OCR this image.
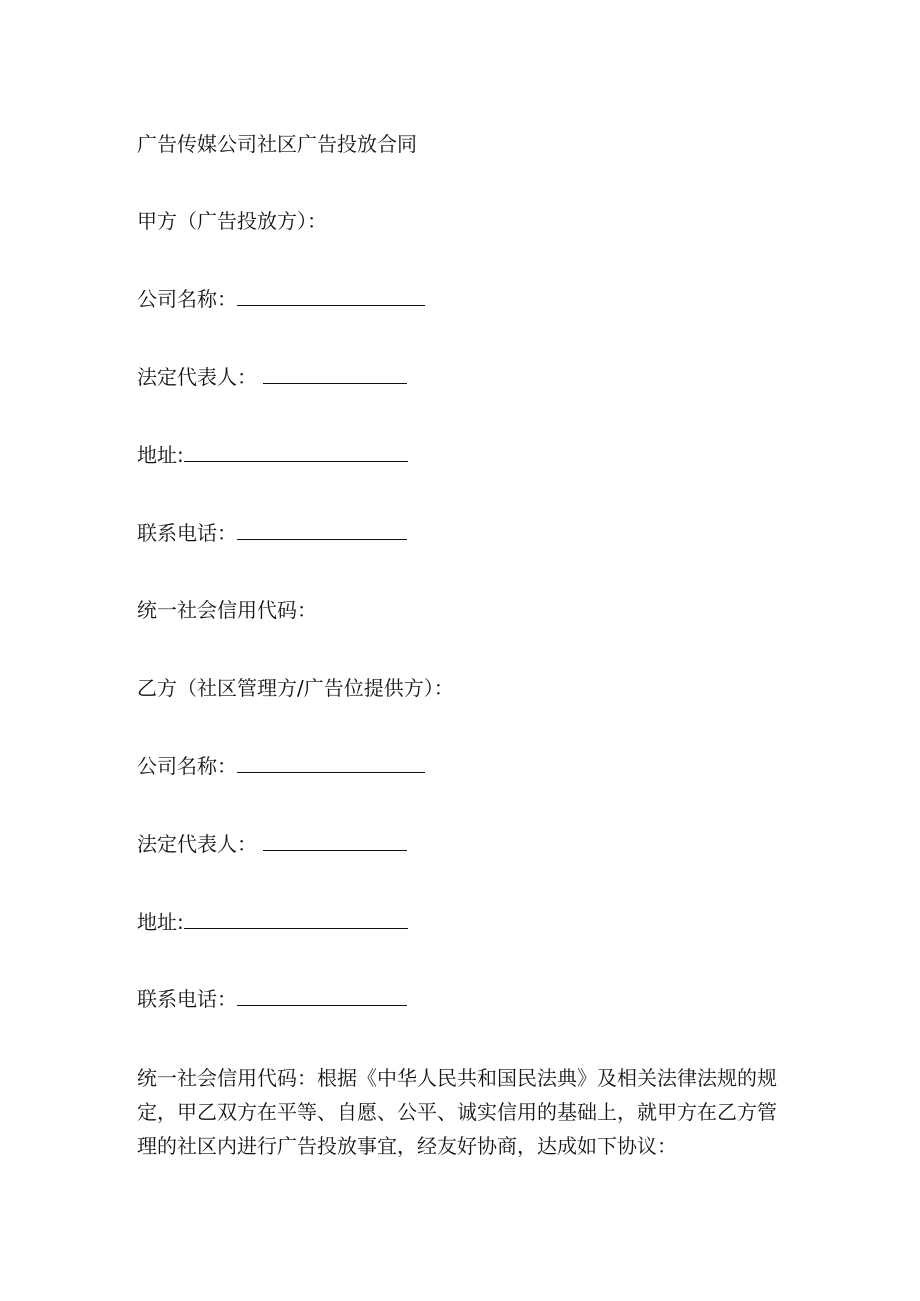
广告传媒公司社区广告投放合同
甲方（广告投放方）：
公司名称：
法定代表人：
地址:
联系电话：
统一社会信用代码：
乙方（社区管理方/广告位提供方）：
公司名称：
法定代表人：
地址:
联系电话：

统一社会信用代码：根据《中华人民共和国民法典》及相关法律法规的规

定，甲乙双方在平等、自愿、公平、诚实信用的基础上，就甲方在乙方管

理的社区内进行广告投放事宜，经友好协商，达成如下协议：
